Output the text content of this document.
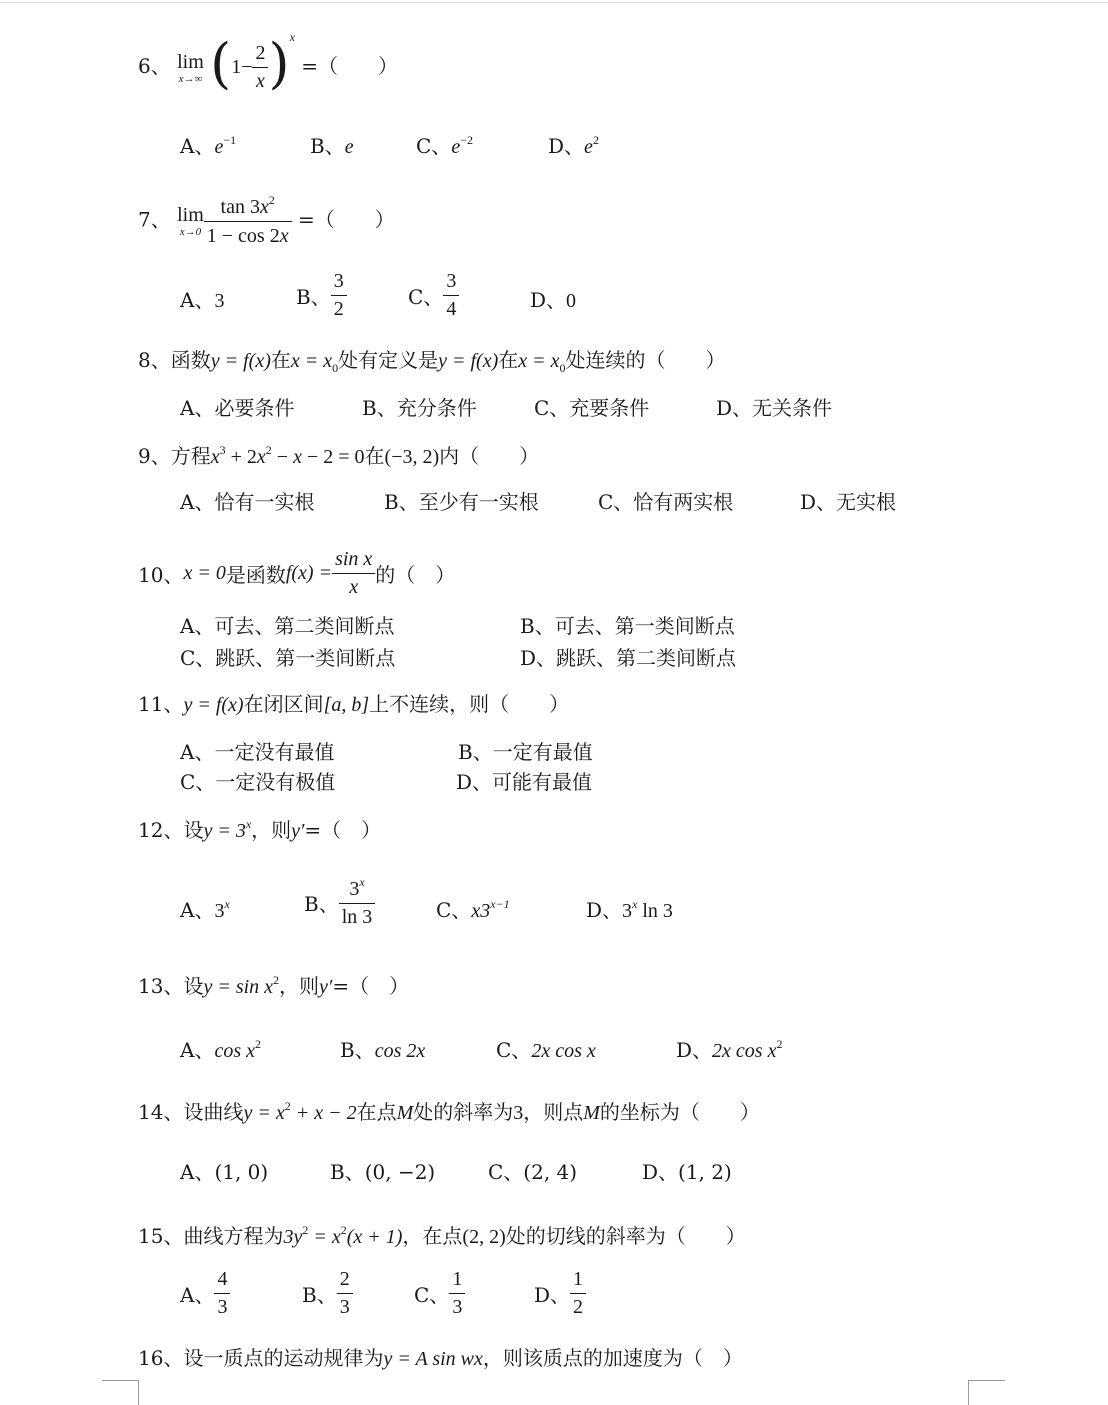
6、 lim
x→∞ $(1- \frac{2}{x} )^x$ =（　　）
A、$e^{-1}$	B、e	C、$e^{-2}$	D、$e^2$
7、 lim
$x\to 0 \frac{\tan 3x^2}{1 - \cos 2x}$ =（　　）
A、3	B、 $\frac{3}{2}$	C、 $\frac{3}{4}$	D、0
8、函数y = f(x)在$x = x_0$处有定义是y = f(x)在$x = x_0$处连续的（　　）
A、必要条件	B、充分条件	C、充要条件	D、无关条件
9、方程$x^3 + 2x^2 - x - 2 = 0$在(−3, 2)内（　　）
A、恰有一实根	B、至少有一实根	C、恰有两实根	D、无实根
10、x = 0是函数$f(x) = \frac{\text{sin x}}{x}$ 的（　）
A、可去、第二类间断点	B、可去、第一类间断点
C、跳跃、第一类间断点	D、跳跃、第二类间断点
11、y = f(x)在闭区间[a, b]上不连续，则（　　）
A、一定没有最值	B、一定有最值
C、一定没有极值	D、可能有最值
12、设$y = 3^x$，则y′=（　）
A、3$^x$	B、 $\frac{3^x}{\ln 3}$	C、$x3^{x-1}$	D、3$^x$ ln 3
13、设$y = \sin x^2$，则y′=（　）
A、$\cos x^2$	B、cos 2x	C、2x cos x	D、2x $\cos x^2$
14、设曲线$y = x^2 + x - 2$在点M处的斜率为3，则点M的坐标为（　　）
A、(1, 0)	B、(0, −2)	C、(2, 4)	D、(1, 2)
15、曲线方程为$3y^2 = x^2(x + 1)$，在点(2, 2)处的切线的斜率为（　　）
A、 $\frac{4}{3}$	B、 $\frac{2}{3}$	C、 $\frac{1}{3}$	D、 $\frac{1}{2}$
16、设一质点的运动规律为y = A sin wx，则该质点的加速度为（　）
